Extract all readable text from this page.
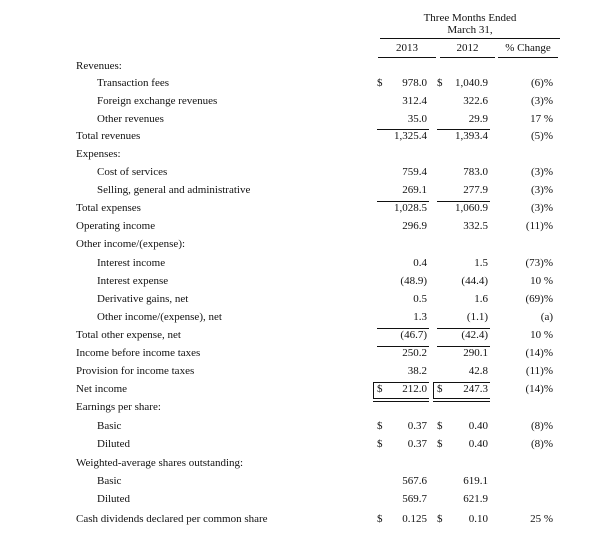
Three Months Ended
March 31,
2013	2012	% Change
Revenues:
Transaction fees	$	978.0 $	1,040.9	(6)%
Foreign exchange revenues	312.4	322.6	(3)%
Other revenues	35.0	29.9	17 %
Total revenues	1,325.4	1,393.4	(5)%
Expenses:
Cost of services	759.4	783.0	(3)%
Selling, general and administrative	269.1	277.9	(3)%
Total expenses	1,028.5	1,060.9	(3)%
Operating income	296.9	332.5	(11)%
Other income/(expense):
Interest income	0.4	1.5	(73)%
Interest expense	(48.9)	(44.4)	10 %
Derivative gains, net	0.5	1.6	(69)%
Other income/(expense), net	1.3	(1.1)	(a)
Total other expense, net	(46.7)	(42.4)	10 %
Income before income taxes	250.2	290.1	(14)%
Provision for income taxes	38.2	42.8	(11)%
Net income	$	212.0 $	247.3	(14)%
Earnings per share:
Basic	$	0.37 $	0.40	(8)%
Diluted	$	0.37 $	0.40	(8)%
Weighted-average shares outstanding:
Basic	567.6	619.1
Diluted	569.7	621.9
Cash dividends declared per common share	$	0.125 $	0.10	25 %
